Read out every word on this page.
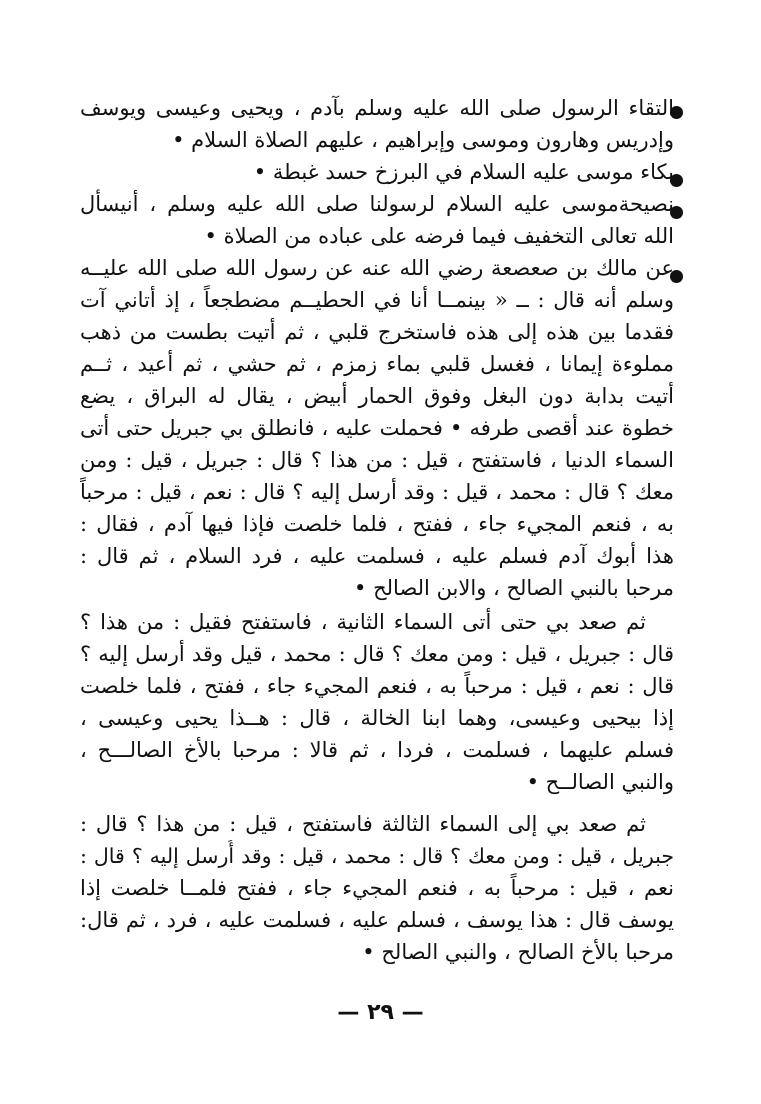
التقاء الرسول صلى الله عليه وسلم بآدم ، ويحيى وعيسى ويوسف
وإدريس وهارون وموسى وإبراهيم ، عليهم الصلاة السلام •
بكاء موسى عليه السلام في البرزخ حسد غبطة •
نصيحةموسى عليه السلام لرسولنا صلى الله عليه وسلم ، أنيسأل
الله تعالى التخفيف فيما فرضه على عباده من الصلاة •
عن مالك بن صعصعة رضي الله عنه عن رسول الله صلى الله عليــه
وسلم أنه قال : ــ « بينمــا أنا في الحطيــم مضطجعاً ، إذ أتاني آت
فقدما بين هذه إلى هذه فاستخرج قلبي ، ثم أتيت بطست من ذهب
مملوءة إيمانا ، فغسل قلبي بماء زمزم ، ثم حشي ، ثم أعيد ، ثــم
أتيت بدابة دون البغل وفوق الحمار أبيض ، يقال له البراق ، يضع
خطوة عند أقصى طرفه • فحملت عليه ، فانطلق بي جبريل حتى أتى
السماء الدنيا ، فاستفتح ، قيل : من هذا ؟ قال : جبريل ، قيل : ومن
معك ؟ قال : محمد ، قيل : وقد أرسل إليه ؟ قال : نعم ، قيل : مرحباً
به ، فنعم المجيء جاء ، ففتح ، فلما خلصت فإذا فيها آدم ، فقال :
هذا أبوك آدم فسلم عليه ، فسلمت عليه ، فرد السلام ، ثم قال :
مرحبا بالنبي الصالح ، والابن الصالح •
ثم صعد بي حتى أتى السماء الثانية ، فاستفتح فقيل : من هذا ؟
قال : جبريل ، قيل : ومن معك ؟ قال : محمد ، قيل وقد أرسل إليه ؟
قال : نعم ، قيل : مرحباً به ، فنعم المجيء جاء ، ففتح ، فلما خلصت
إذا بيحيى وعيسى، وهما ابنا الخالة ، قال : هــذا يحيى وعيسى ،
فسلم عليهما ، فسلمت ، فردا ، ثم قالا : مرحبا بالأخ الصالـــح ،
والنبي الصالــح •
ثم صعد بي إلى السماء الثالثة فاستفتح ، قيل : من هذا ؟ قال :
جبريل ، قيل : ومن معك ؟ قال : محمد ، قيل : وقد أُرسل إليه ؟ قال :
نعم ، قيل : مرحباً به ، فنعم المجيء جاء ، ففتح فلمــا خلصت إذا
يوسف قال : هذا يوسف ، فسلم عليه ، فسلمت عليه ، فرد ، ثم قال:
مرحبا بالأخ الصالح ، والنبي الصالح •
— ٢٩ —
